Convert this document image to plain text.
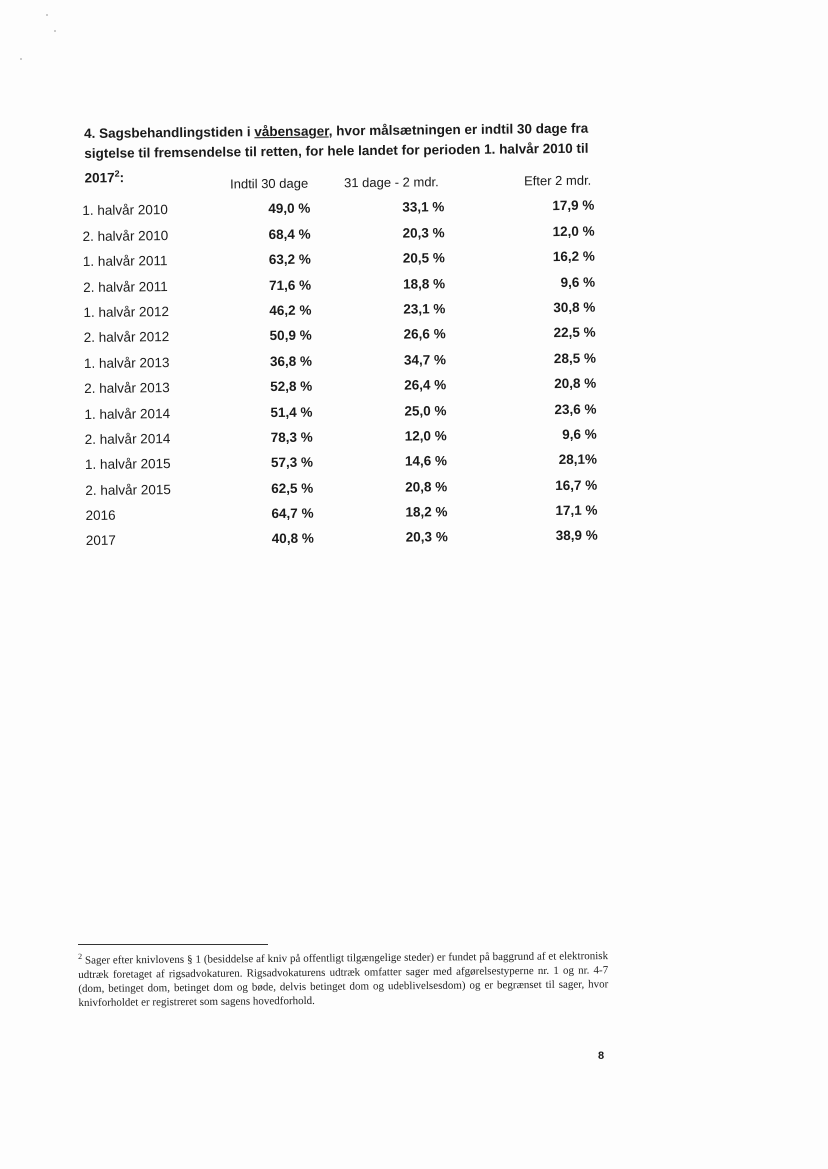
4. Sagsbehandlingstiden i våbensager, hvor målsætningen er indtil 30 dage fra sigtelse til fremsendelse til retten, for hele landet for perioden 1. halvår 2010 til 2017$^2$:	Indtil 30 dage	31 dage - 2 mdr.	Efter 2 mdr.
1. halvår 2010	49,0 %	33,1 %	17,9 %
2. halvår 2010	68,4 %	20,3 %	12,0 %
1. halvår 2011	63,2 %	20,5 %	16,2 %
2. halvår 2011	71,6 %	18,8 %	9,6 %
1. halvår 2012	46,2 %	23,1 %	30,8 %
2. halvår 2012	50,9 %	26,6 %	22,5 %
1. halvår 2013	36,8 %	34,7 %	28,5 %
2. halvår 2013	52,8 %	26,4 %	20,8 %
1. halvår 2014	51,4 %	25,0 %	23,6 %
2. halvår 2014	78,3 %	12,0 %	9,6 %
1. halvår 2015	57,3 %	14,6 %	28,1%
2. halvår 2015	62,5 %	20,8 %	16,7 %
2016	64,7 %	18,2 %	17,1 %
2017	40,8 %	20,3 %	38,9 %
$^2$ Sager efter knivlovens § 1 (besiddelse af kniv på offentligt tilgængelige steder) er fundet på baggrund af et elektronisk udtræk foretaget af rigsadvokaturen. Rigsadvokaturens udtræk omfatter sager med afgørelsestyperne nr. 1 og nr. 4-7 (dom, betinget dom, betinget dom og bøde, delvis betinget dom og udeblivelsesdom) og er begrænset til sager, hvor knivforholdet er registreret som sagens hovedforhold.
8
